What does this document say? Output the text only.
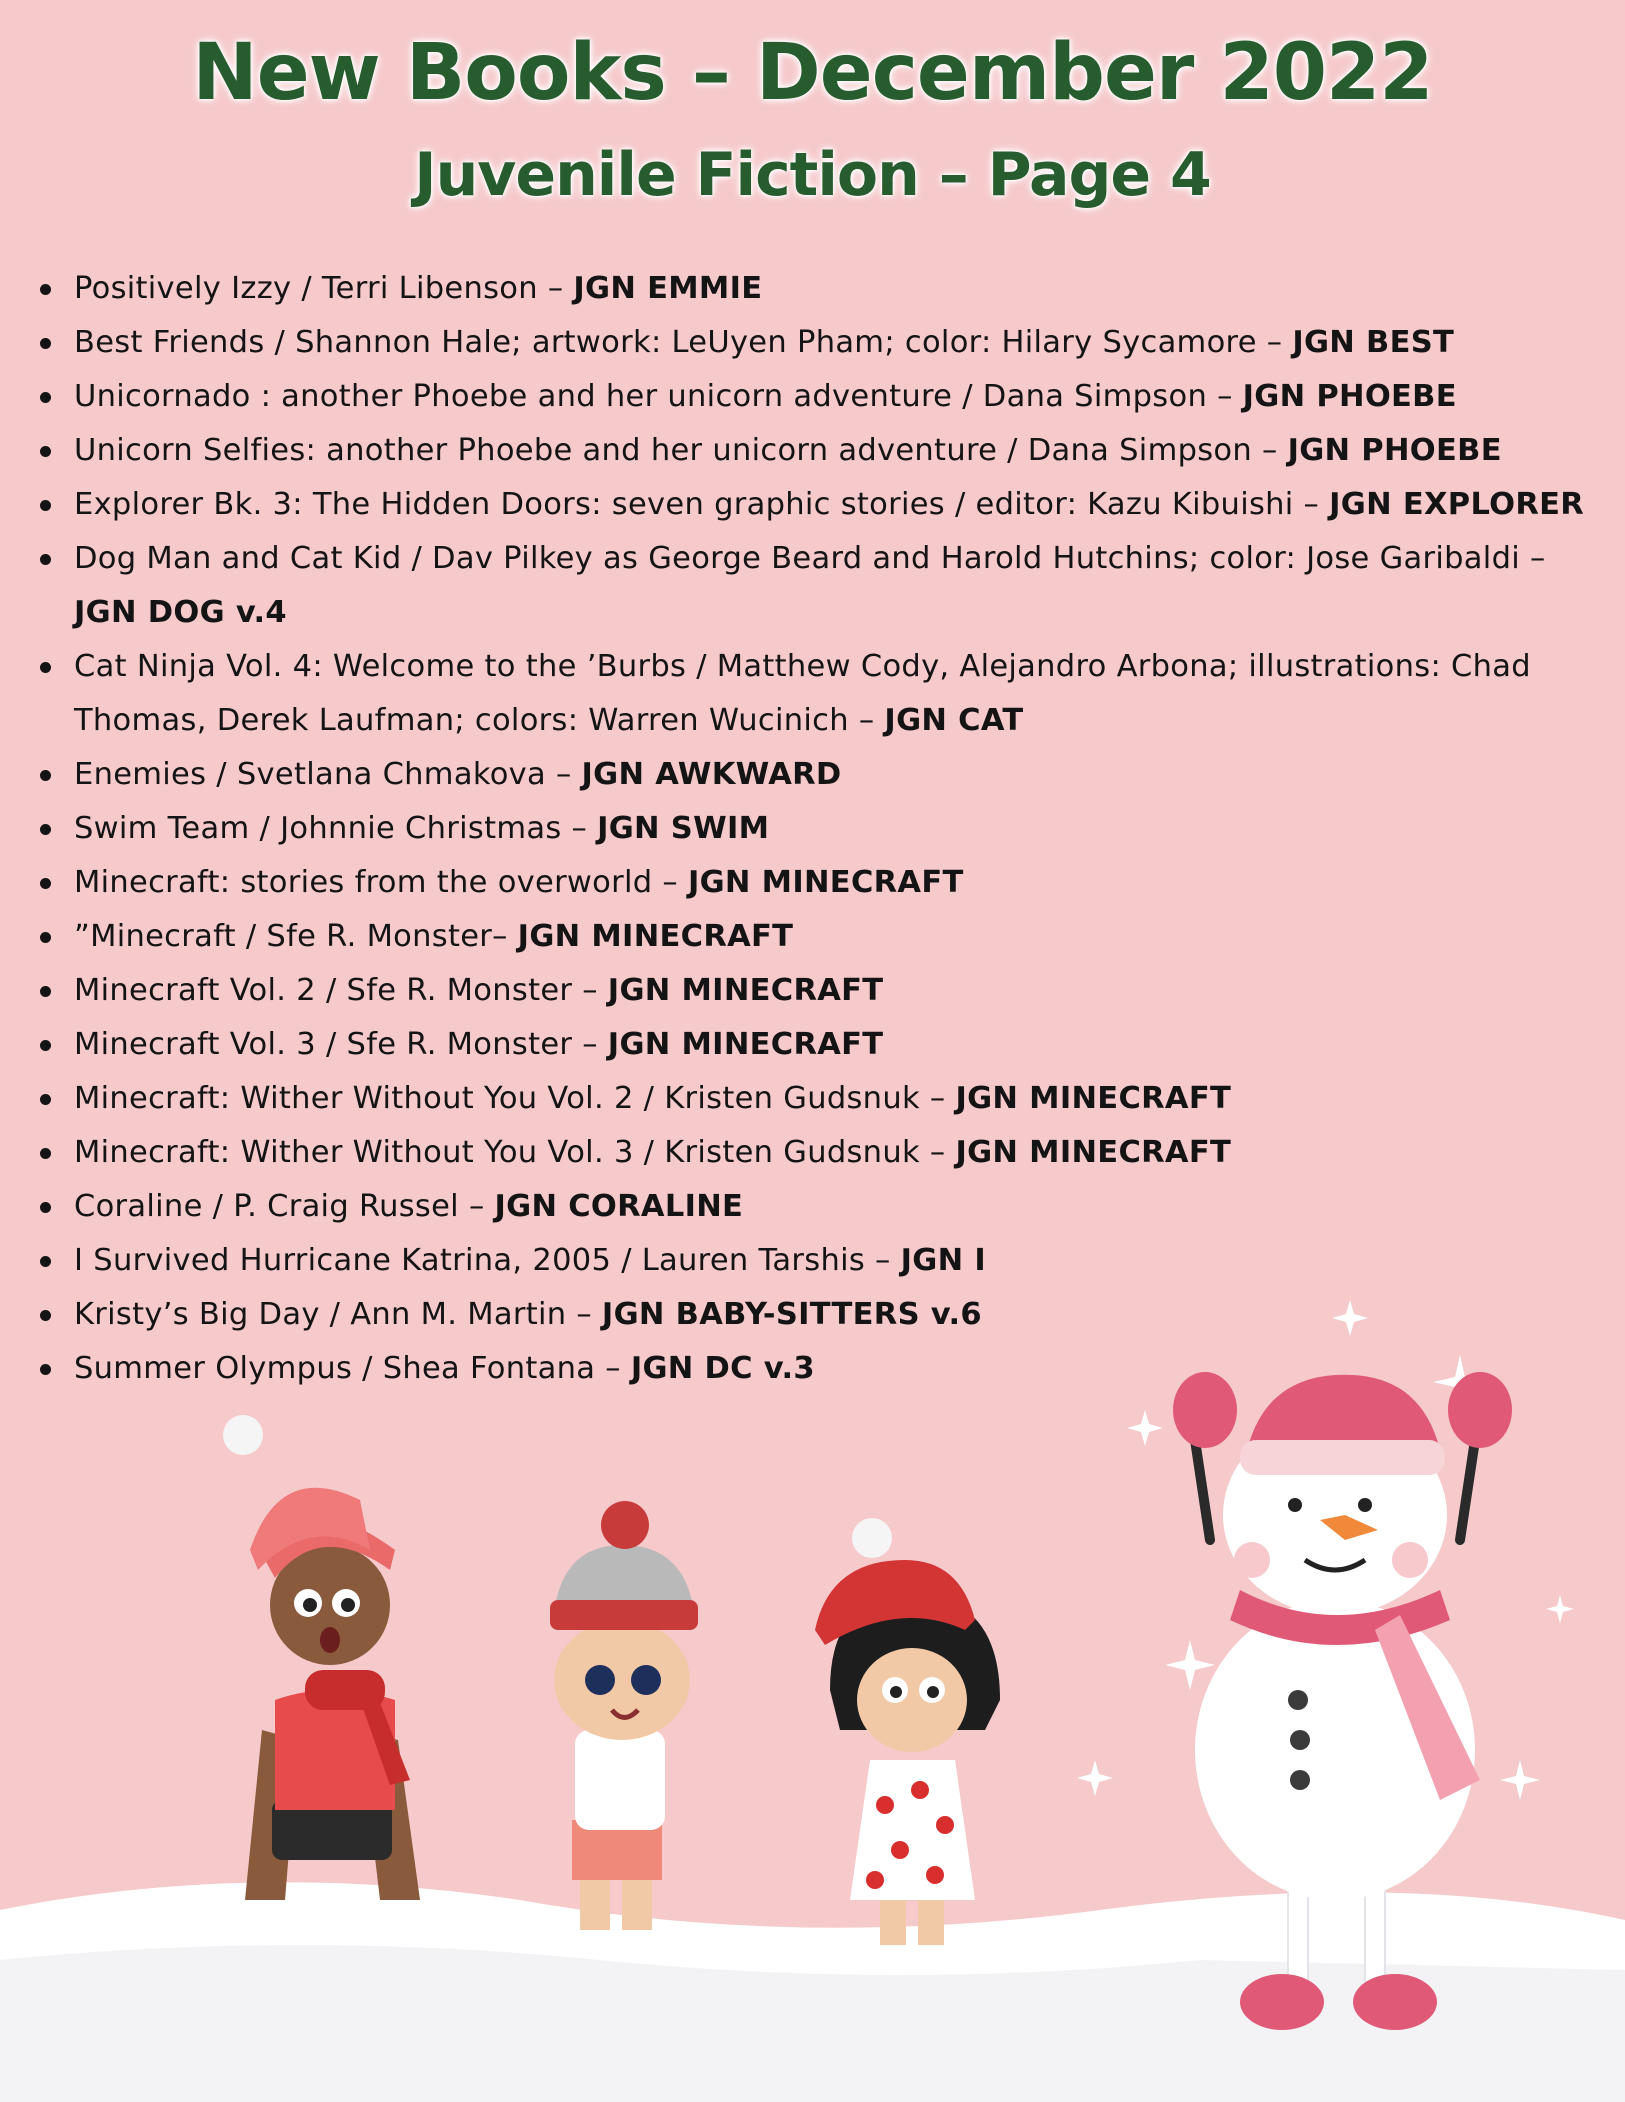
New Books – December 2022
Juvenile Fiction – Page 4
Positively Izzy / Terri Libenson – JGN EMMIE
Best Friends / Shannon Hale; artwork: LeUyen Pham; color: Hilary Sycamore – JGN BEST
Unicornado : another Phoebe and her unicorn adventure / Dana Simpson – JGN PHOEBE
Unicorn Selfies: another Phoebe and her unicorn adventure / Dana Simpson – JGN PHOEBE
Explorer Bk. 3: The Hidden Doors: seven graphic stories / editor: Kazu Kibuishi – JGN EXPLORER
Dog Man and Cat Kid / Dav Pilkey as George Beard and Harold Hutchins; color: Jose Garibaldi – JGN DOG v.4
Cat Ninja Vol. 4: Welcome to the ’Burbs / Matthew Cody, Alejandro Arbona; illustrations: Chad Thomas, Derek Laufman; colors: Warren Wucinich – JGN CAT
Enemies / Svetlana Chmakova – JGN AWKWARD
Swim Team / Johnnie Christmas – JGN SWIM
Minecraft: stories from the overworld – JGN MINECRAFT
”Minecraft / Sfe R. Monster– JGN MINECRAFT
Minecraft Vol. 2 / Sfe R. Monster – JGN MINECRAFT
Minecraft Vol. 3 / Sfe R. Monster – JGN MINECRAFT
Minecraft: Wither Without You Vol. 2 / Kristen Gudsnuk – JGN MINECRAFT
Minecraft: Wither Without You Vol. 3 / Kristen Gudsnuk – JGN MINECRAFT
Coraline / P. Craig Russel – JGN CORALINE
I Survived Hurricane Katrina, 2005 / Lauren Tarshis – JGN I
Kristy’s Big Day / Ann M. Martin – JGN BABY-SITTERS v.6
Summer Olympus / Shea Fontana – JGN DC v.3
